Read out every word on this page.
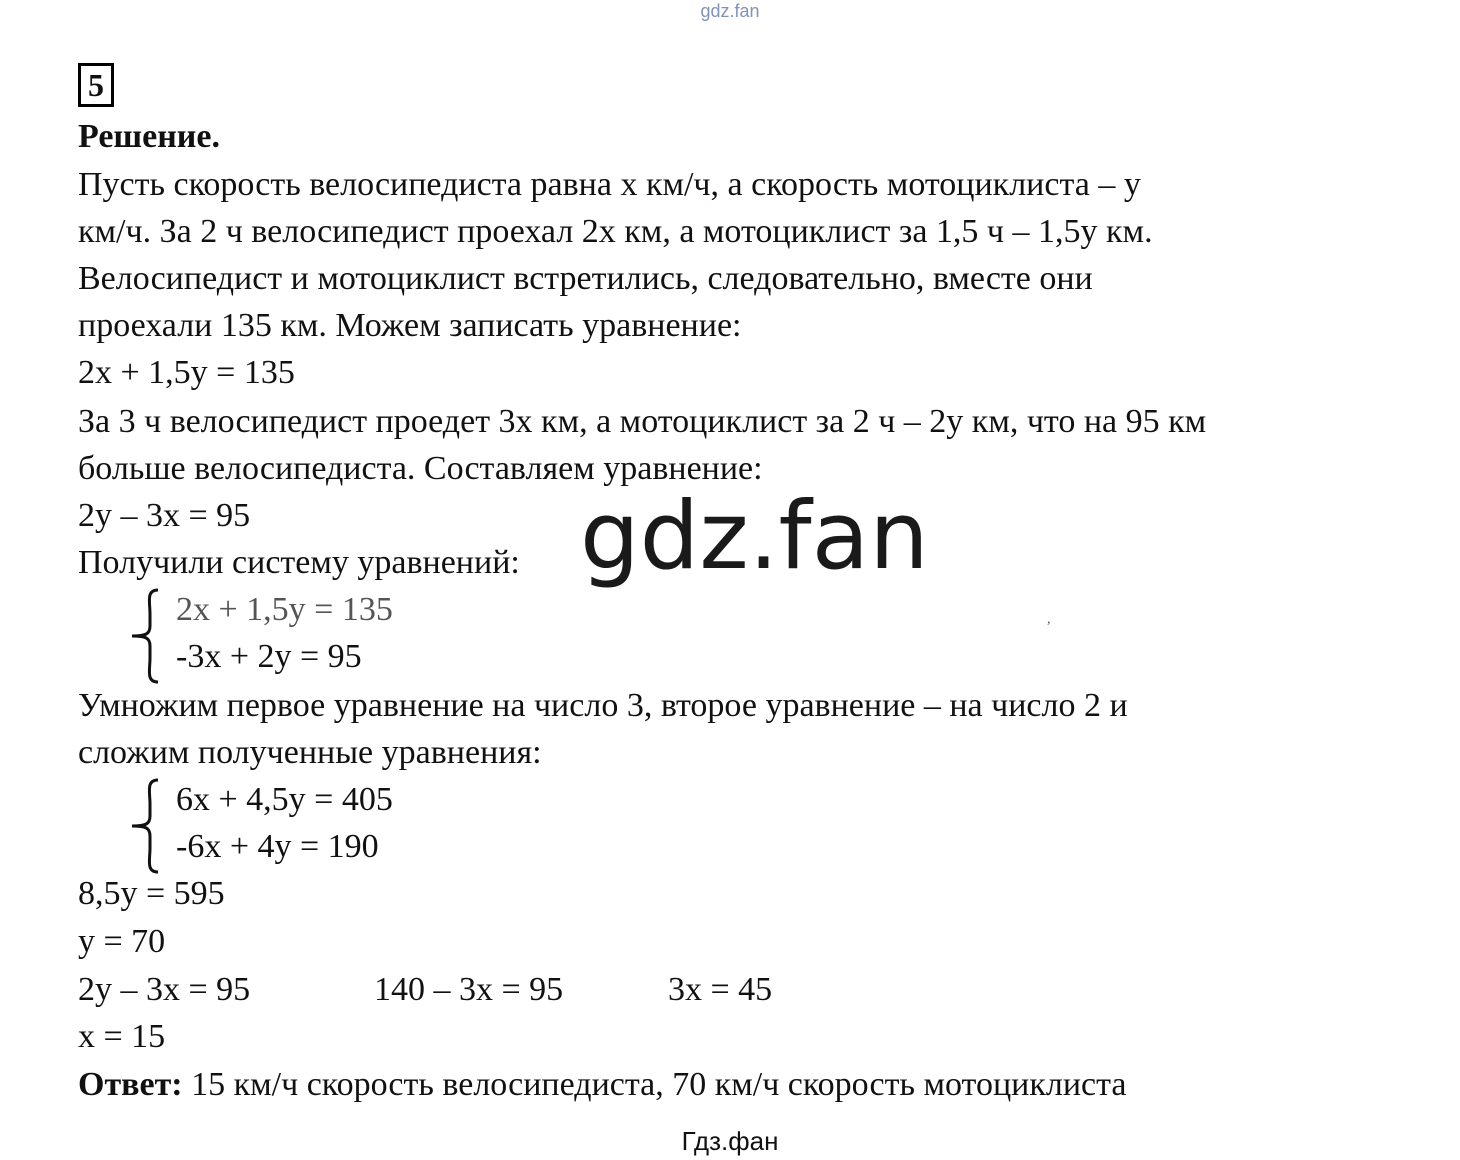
gdz.fan
5
Решение.
Пусть скорость велосипедиста равна x км/ч, а скорость мотоциклиста – y
км/ч. За 2 ч велосипедист проехал 2x км, а мотоциклист за 1,5 ч – 1,5y км.
Велосипедист и мотоциклист встретились, следовательно, вместе они
проехали 135 км. Можем записать уравнение:
2x + 1,5y = 135
За 3 ч велосипедист проедет 3x км, а мотоциклист за 2 ч – 2y км, что на 95 км
больше велосипедиста. Составляем уравнение:
2y – 3x = 95
Получили систему уравнений:
2x + 1,5y = 135
-3x + 2y = 95
Умножим первое уравнение на число 3, второе уравнение – на число 2 и
сложим полученные уравнения:
6x + 4,5y = 405
-6x + 4y = 190
8,5y = 595
y = 70
2y – 3x = 95	140 – 3x = 95	3x = 45
x = 15
Ответ: 15 км/ч скорость велосипедиста, 70 км/ч скорость мотоциклиста
gdz.fan
,
Гдз.фан
